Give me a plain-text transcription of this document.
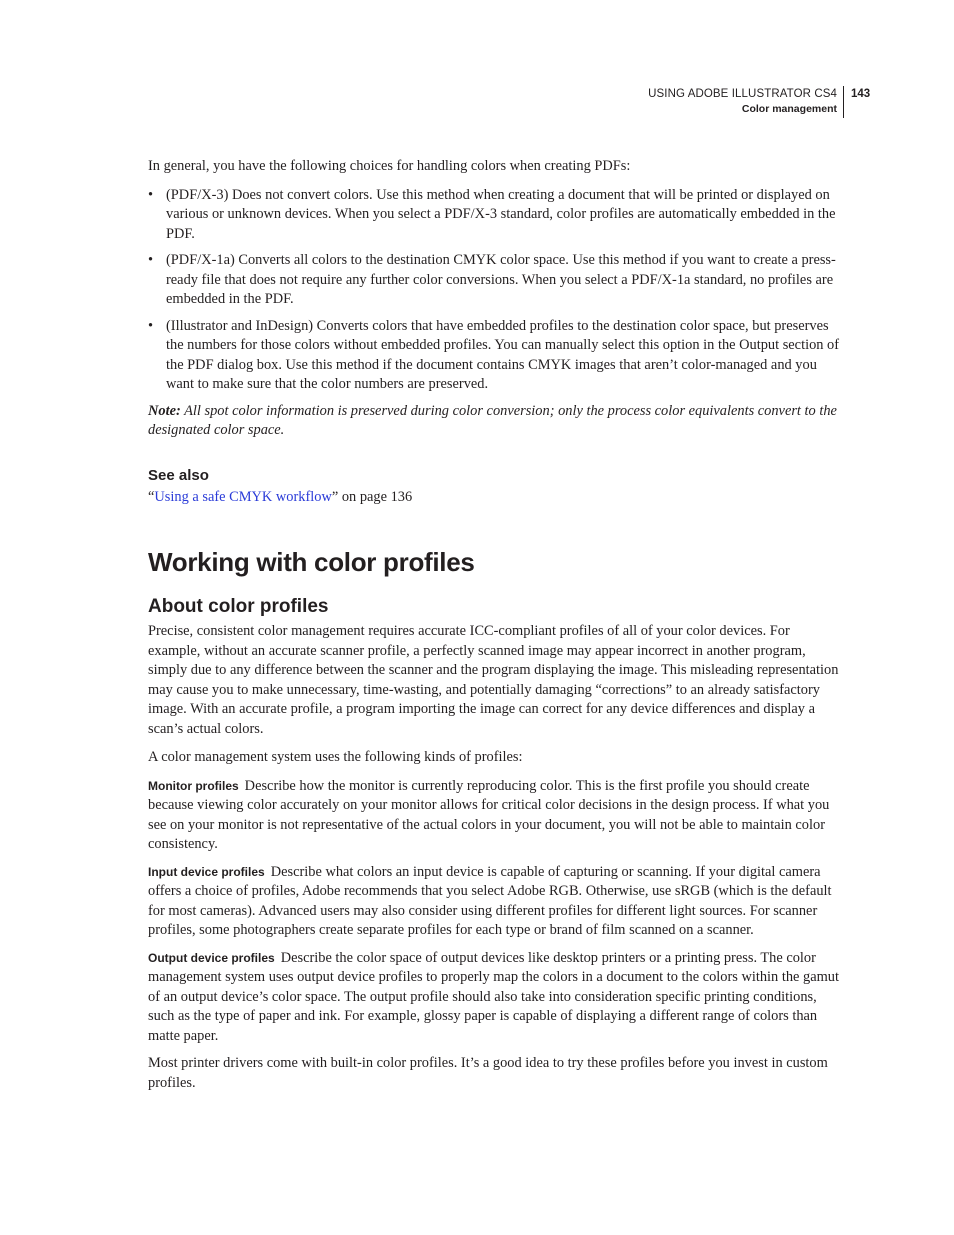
USING ADOBE ILLUSTRATOR CS4
Color management
143

In general, you have the following choices for handling colors when creating PDFs:

• (PDF/X-3) Does not convert colors. Use this method when creating a document that will be printed or displayed on various or unknown devices. When you select a PDF/X-3 standard, color profiles are automatically embedded in the PDF.
• (PDF/X-1a) Converts all colors to the destination CMYK color space. Use this method if you want to create a press-ready file that does not require any further color conversions. When you select a PDF/X-1a standard, no profiles are embedded in the PDF.
• (Illustrator and InDesign) Converts colors that have embedded profiles to the destination color space, but preserves the numbers for those colors without embedded profiles. You can manually select this option in the Output section of the PDF dialog box. Use this method if the document contains CMYK images that aren’t color-managed and you want to make sure that the color numbers are preserved.

Note: All spot color information is preserved during color conversion; only the process color equivalents convert to the designated color space.

See also

“Using a safe CMYK workflow” on page 136

Working with color profiles
About color profiles

Precise, consistent color management requires accurate ICC-compliant profiles of all of your color devices. For example, without an accurate scanner profile, a perfectly scanned image may appear incorrect in another program, simply due to any difference between the scanner and the program displaying the image. This misleading representation may cause you to make unnecessary, time-wasting, and potentially damaging “corrections” to an already satisfactory image. With an accurate profile, a program importing the image can correct for any device differences and display a scan’s actual colors.

A color management system uses the following kinds of profiles:

Monitor profiles Describe how the monitor is currently reproducing color. This is the first profile you should create because viewing color accurately on your monitor allows for critical color decisions in the design process. If what you see on your monitor is not representative of the actual colors in your document, you will not be able to maintain color consistency.

Input device profiles Describe what colors an input device is capable of capturing or scanning. If your digital camera offers a choice of profiles, Adobe recommends that you select Adobe RGB. Otherwise, use sRGB (which is the default for most cameras). Advanced users may also consider using different profiles for different light sources. For scanner profiles, some photographers create separate profiles for each type or brand of film scanned on a scanner.

Output device profiles Describe the color space of output devices like desktop printers or a printing press. The color management system uses output device profiles to properly map the colors in a document to the colors within the gamut of an output device’s color space. The output profile should also take into consideration specific printing conditions, such as the type of paper and ink. For example, glossy paper is capable of displaying a different range of colors than matte paper.

Most printer drivers come with built-in color profiles. It’s a good idea to try these profiles before you invest in custom profiles.
